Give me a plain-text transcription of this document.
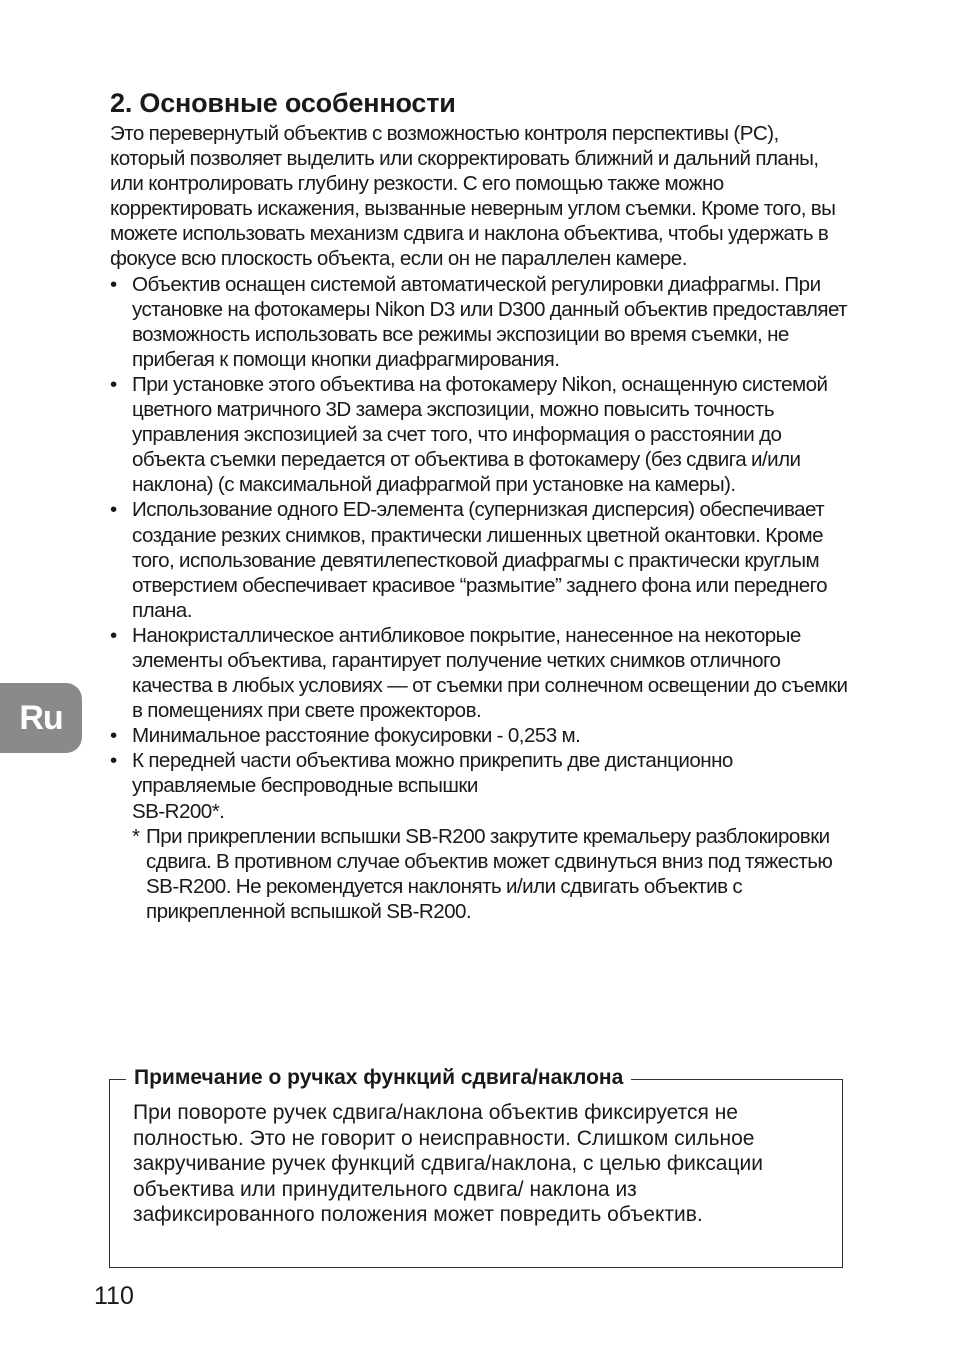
2. Основные особенности

Это перевернутый объектив с возможностью контроля перспективы (PC), который позволяет выделить или скорректировать ближний и дальний планы, или контролировать глубину резкости. С его помощью также можно корректировать искажения, вызванные неверным углом съемки. Кроме того, вы можете использовать механизм сдвига и наклона объектива, чтобы удержать в фокусе всю плоскость объекта, если он не параллелен камере.

• Объектив оснащен системой автоматической регулировки диафрагмы. При установке на фотокамеры Nikon D3 или D300 данный объектив предоставляет возможность использовать все режимы экспозиции во время съемки, не прибегая к помощи кнопки диафрагмирования.
• При установке этого объектива на фотокамеру Nikon, оснащенную системой цветного матричного 3D замера экспозиции, можно повысить точность управления экспозицией за счет того, что информация о расстоянии до объекта съемки передается от объектива в фотокамеру (без сдвига и/или наклона) (с максимальной диафрагмой при установке на камеры).
• Использование одного ED-элемента (супернизкая дисперсия) обеспечивает создание резких снимков, практически лишенных цветной окантовки. Кроме того, использование девятилепестковой диафрагмы с практически круглым отверстием обеспечивает красивое “размытие” заднего фона или переднего плана.
• Нанокристаллическое антибликовое покрытие, нанесенное на некоторые элементы объектива, гарантирует получение четких снимков отличного качества в любых условиях — от съемки при солнечном освещении до съемки в помещениях при свете прожекторов.
• Минимальное расстояние фокусировки - 0,253 м.
• К передней части объектива можно прикрепить две дистанционно управляемые беспроводные вспышки
SB-R200*.
* При прикреплении вспышки SB-R200 закрутите кремальеру разблокировки сдвига. В противном случае объектив может сдвинуться вниз под тяжестью SB-R200. Не рекомендуется наклонять и/или сдвигать объектив с прикрепленной вспышкой SB-R200.
Ru
Примечание о ручках функций сдвига/наклона

При повороте ручек сдвига/наклона объектив фиксируется не полностью. Это не говорит о неисправности. Слишком сильное закручивание ручек функций сдвига/наклона, с целью фиксации объектива или принудительного сдвига/ наклона из зафиксированного положения может повредить объектив.

110
